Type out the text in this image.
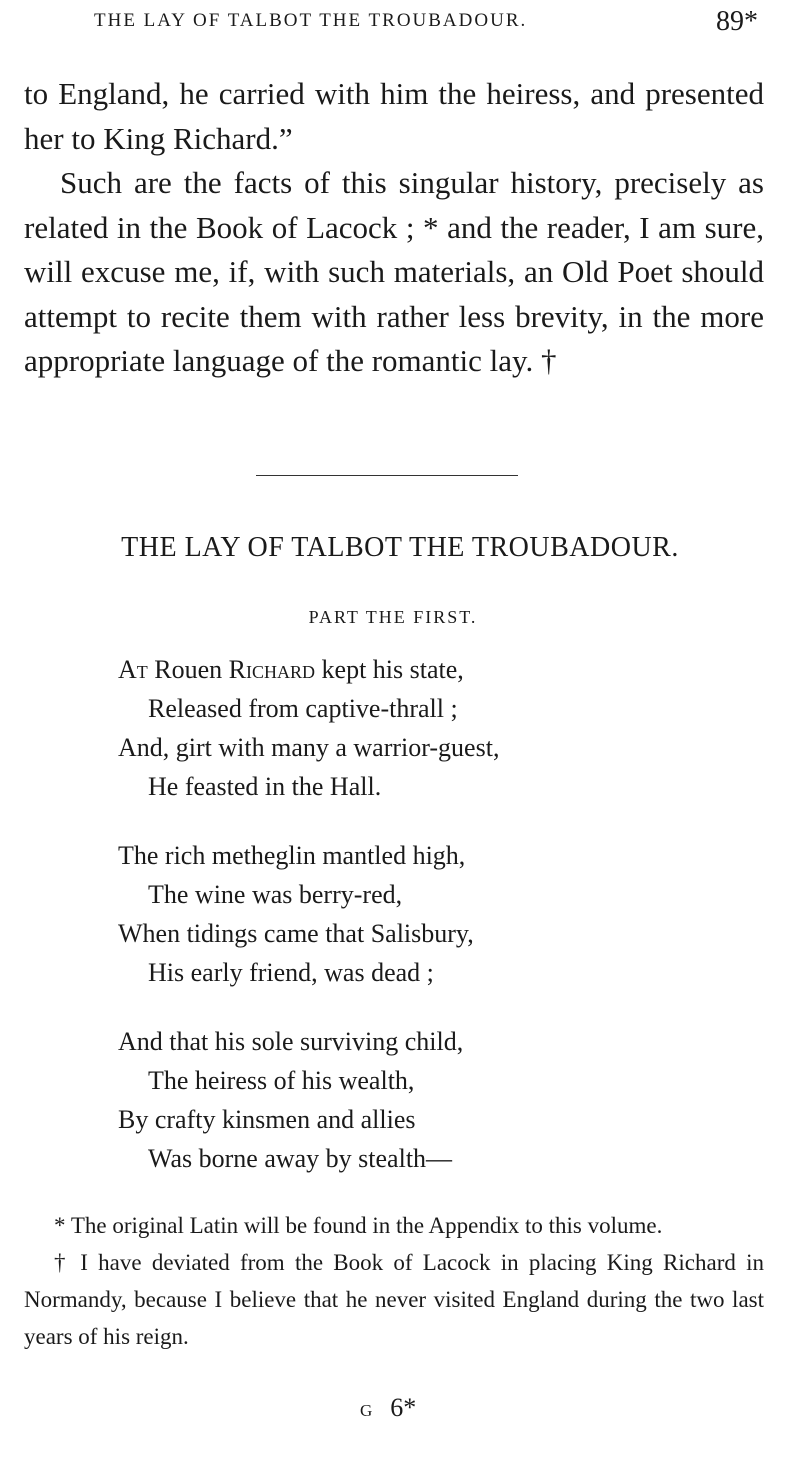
THE LAY OF TALBOT THE TROUBADOUR.	89*

to England, he carried with him the heiress, and presented her to King Richard.”

Such are the facts of this singular history, precisely as related in the Book of Lacock ; * and the reader, I am sure, will excuse me, if, with such materials, an Old Poet should attempt to recite them with rather less brevity, in the more appropriate language of the romantic lay. †

THE LAY OF TALBOT THE TROUBADOUR.
PART THE FIRST.
At Rouen Richard kept his state,
Released from captive-thrall ;
And, girt with many a warrior-guest,
He feasted in the Hall.
The rich metheglin mantled high,
The wine was berry-red,
When tidings came that Salisbury,
His early friend, was dead ;
And that his sole surviving child,
The heiress of his wealth,
By crafty kinsmen and allies
Was borne away by stealth—

* The original Latin will be found in the Appendix to this volume.

† I have deviated from the Book of Lacock in placing King Richard in Normandy, because I believe that he never visited England during the two last years of his reign.

G 6*
